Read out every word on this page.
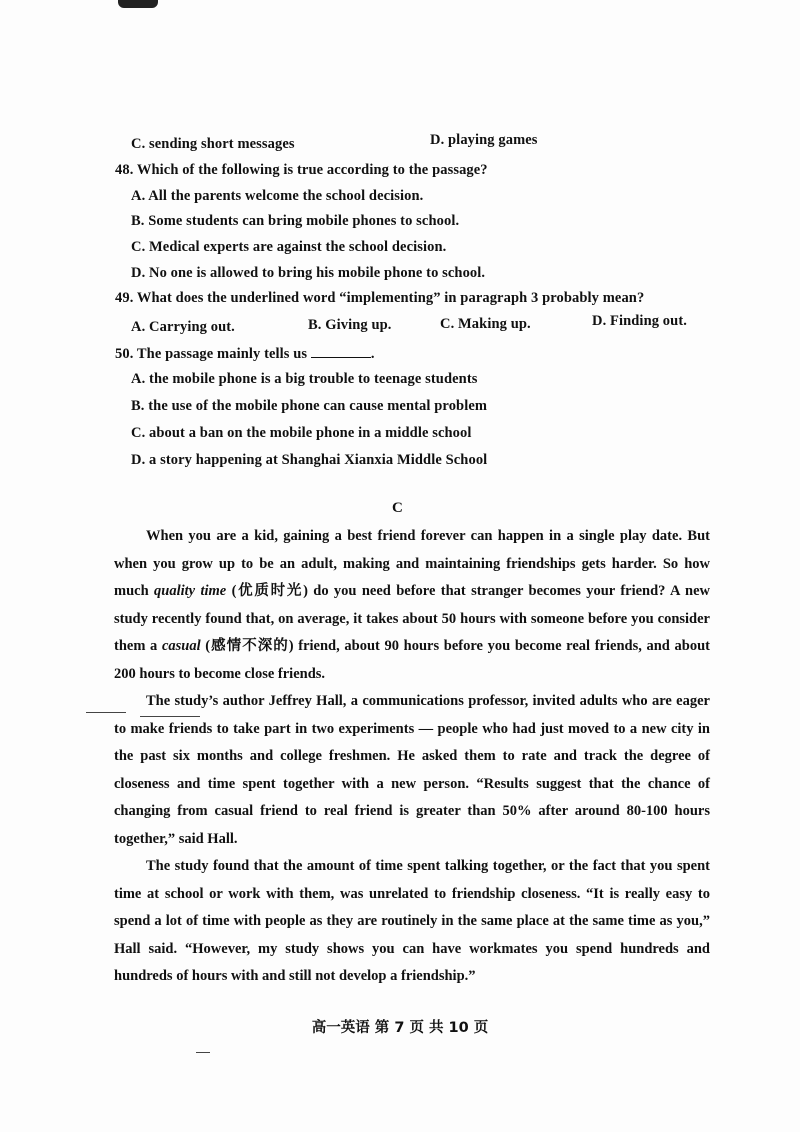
C. sending short messages	D. playing games
48. Which of the following is true according to the passage?
A. All the parents welcome the school decision.
B. Some students can bring mobile phones to school.
C. Medical experts are against the school decision.
D. No one is allowed to bring his mobile phone to school.
49. What does the underlined word “implementing” in paragraph 3 probably mean?
A. Carrying out.	B. Giving up.	C. Making up.	D. Finding out.
50. The passage mainly tells us	.
A. the mobile phone is a big trouble to teenage students
B. the use of the mobile phone can cause mental problem
C. about a ban on the mobile phone in a middle school
D. a story happening at Shanghai Xianxia Middle School
C

When you are a kid, gaining a best friend forever can happen in a single play date. But when you grow up to be an adult, making and maintaining friendships gets harder. So how much quality time (优质时光) do you need before that stranger becomes your friend? A new study recently found that, on average, it takes about 50 hours with someone before you consider them a casual (感情不深的) friend, about 90 hours before you become real friends, and about 200 hours to become close friends.

The study’s author Jeffrey Hall, a communications professor, invited adults who are eager to make friends to take part in two experiments — people who had just moved to a new city in the past six months and college freshmen. He asked them to rate and track the degree of closeness and time spent together with a new person. “Results suggest that the chance of changing from casual friend to real friend is greater than 50% after around 80-100 hours together,” said Hall.

The study found that the amount of time spent talking together, or the fact that you spent time at school or work with them, was unrelated to friendship closeness. “It is really easy to spend a lot of time with people as they are routinely in the same place at the same time as you,” Hall said. “However, my study shows you can have workmates you spend hundreds and hundreds of hours with and still not develop a friendship.”

高一英语 第 7 页 共 10 页
